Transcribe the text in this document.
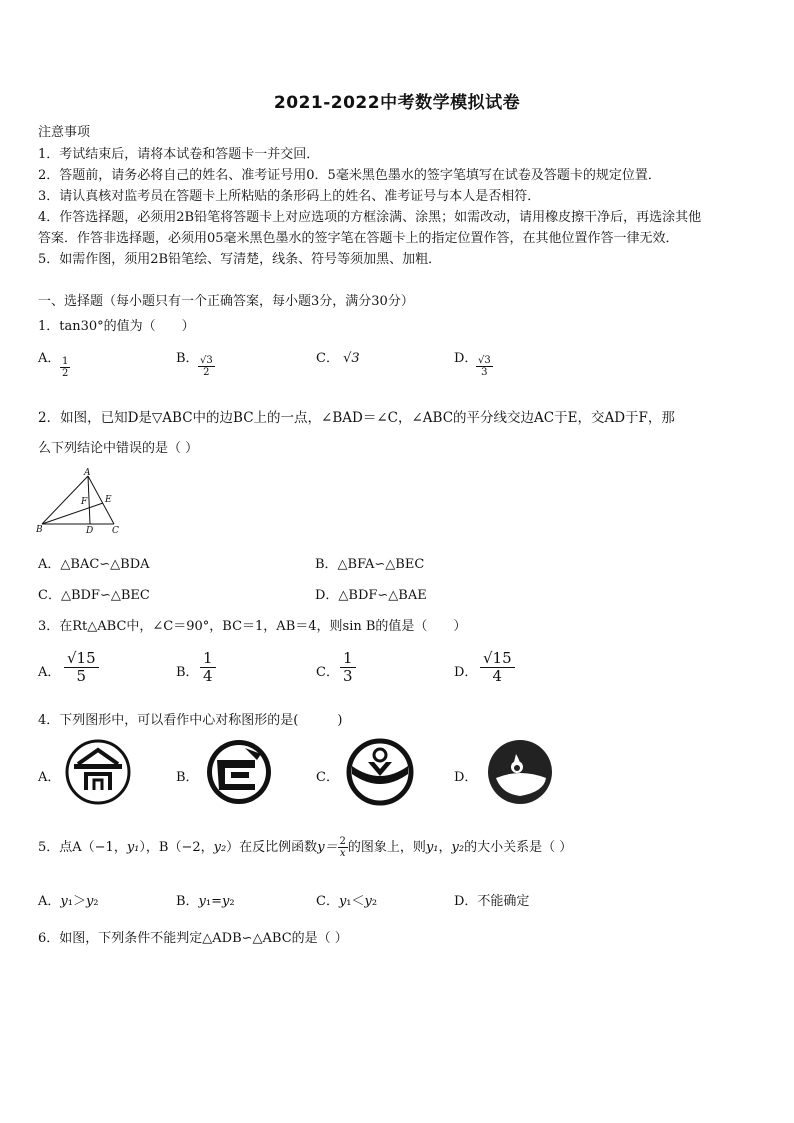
2021-2022中考数学模拟试卷
注意事项
1．考试结束后，请将本试卷和答题卡一并交回．
2．答题前，请务必将自己的姓名、准考证号用0．5毫米黑色墨水的签字笔填写在试卷及答题卡的规定位置．
3．请认真核对监考员在答题卡上所粘贴的条形码上的姓名、准考证号与本人是否相符．
4．作答选择题，必须用2B铅笔将答题卡上对应选项的方框涂满、涂黑；如需改动，请用橡皮擦干净后，再选涂其他
答案．作答非选择题，必须用05毫米黑色墨水的签字笔在答题卡上的指定位置作答，在其他位置作答一律无效．
5．如需作图，须用2B铅笔绘、写清楚，线条、符号等须加黑、加粗．
一、选择题（每小题只有一个正确答案，每小题3分，满分30分）
1．tan30°的值为（　　）
A． $\frac{1}{2}$	B． $\frac{√3}{2}$	C． √3	D．
$\frac{√3}{3}$
2．如图，已知D是▽ABC中的边BC上的一点，∠BAD＝∠C，∠ABC的平分线交边AC于E，交AD于F，那
么下列结论中错误的是（ ）
A
B	C
D
E
F
A．△BAC∽△BDA	B．△BFA∽△BEC
C．△BDF∽△BEC	D．△BDF∽△BAE
3．在Rt△ABC中，∠C＝90°，BC＝1，AB＝4，则sin B的值是（　　）
A． $\frac{√15}{5}$	B． $\frac{1}{4}$	C． $\frac{1}{3}$	D． $\frac{√15}{4}$
4．下列图形中，可以看作中心对称图形的是(　　　)
A．	B．	C．	D．
5．点A（−1，𝑦₁），B（−2，𝑦₂）在反比例函数𝑦＝ $\frac{2}{\text{𝑥}}$ 的图象上，则𝑦₁，𝑦₂的大小关系是（ ）
A．𝑦₁＞𝑦₂	B．𝑦₁=𝑦₂	C．𝑦₁＜𝑦₂	D．不能确定
6．如图，下列条件不能判定△ADB∽△ABC的是（ ）
